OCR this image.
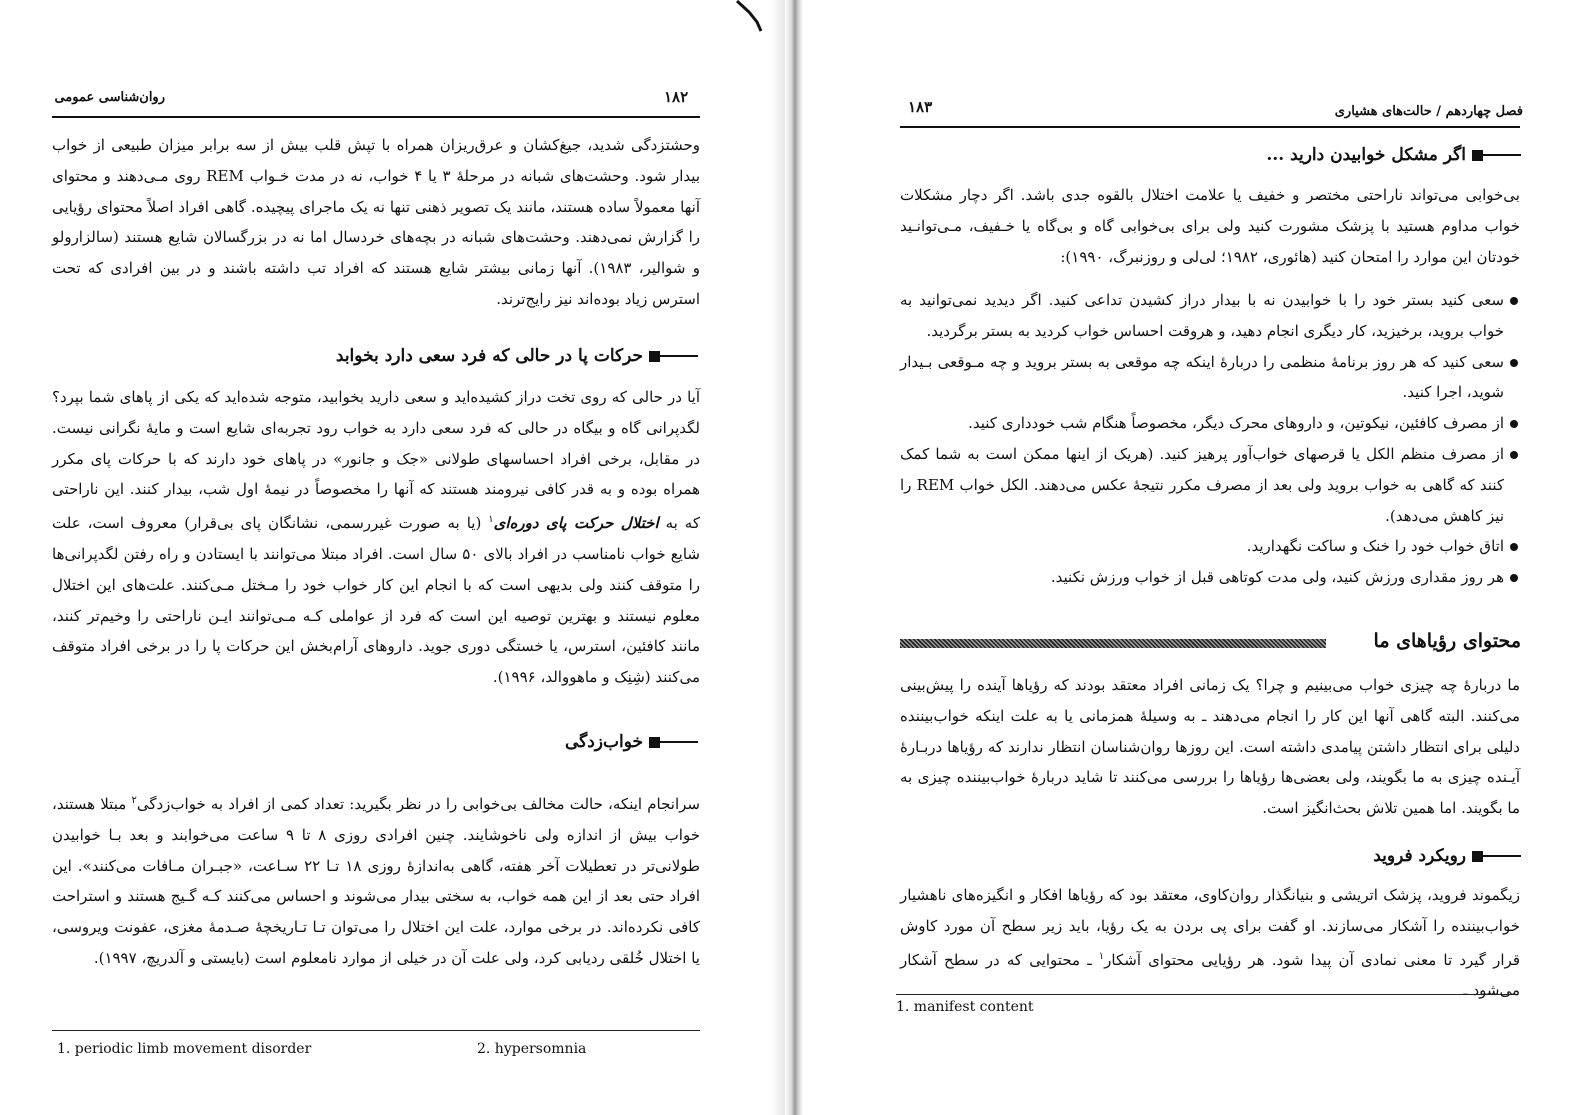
روان‌شناسی عمومی	۱۸۲

وحشتزدگی شدید، جیغ‌کشان و عرق‌ریزان همراه با تپش قلب بیش از سه برابر میزان طبیعی از خواب بیدار شود. وحشت‌های شبانه در مرحلۀ ۳ یا ۴ خواب، نه در مدت خـواب REM روی مـی‌دهند و محتوای آنها معمولاً ساده هستند، مانند یک تصویر ذهنی تنها نه یک ماجرای پیچیده. گاهی افراد اصلاً محتوای رؤیایی را گزارش نمی‌دهند. وحشت‌های شبانه در بچه‌های خردسال اما نه در بزرگسالان شایع هستند (سالزارولو و شوالیر، ۱۹۸۳). آنها زمانی بیشتر شایع هستند که افراد تب داشته باشند و در بین افرادی که تحت استرس زیاد بوده‌اند نیز رایج‌ترند.

حرکات پا در حالی که فرد سعی دارد بخوابد

آیا در حالی که روی تخت دراز کشیده‌اید و سعی دارید بخوابید، متوجه شده‌اید که یکی از پاهای شما بپرد؟ لگدپرانی گاه و بیگاه در حالی که فرد سعی دارد به خواب رود تجربه‌ای شایع است و مایۀ نگرانی نیست. در مقابل، برخی افراد احساسهای طولانی «جک و جانور» در پاهای خود دارند که با حرکات پای مکرر همراه بوده و به قدر کافی نیرومند هستند که آنها را مخصوصاً در نیمۀ اول شب، بیدار کنند. این ناراحتی که به اختلال حرکت پای دوره‌ای$^۱$ (یا به صورت غیررسمی، نشانگان پای بی‌قرار) معروف است، علت شایع خواب نامناسب در افراد بالای ۵۰ سال است. افراد مبتلا می‌توانند با ایستادن و راه رفتن لگدپرانی‌ها را متوقف کنند ولی بدیهی است که با انجام این کار خواب خود را مـختل مـی‌کنند. علت‌های این اختلال معلوم نیستند و بهترین توصیه این است که فرد از عواملی کـه مـی‌توانند ایـن ناراحتی را وخیم‌تر کنند، مانند کافئین، استرس، یا خستگی دوری جوید. داروهای آرام‌بخش این حرکات پا را در برخی افراد متوقف می‌کنند (شِنِک و ماهووالد، ۱۹۹۶).

خواب‌زدگی

سرانجام اینکه، حالت مخالف بی‌خوابی را در نظر بگیرید: تعداد کمی از افراد به خواب‌زدگی$^۲$ مبتلا هستند، خواب بیش از اندازه ولی ناخوشایند. چنین افرادی روزی ۸ تا ۹ ساعت می‌خوابند و بعد بـا خوابیدن طولانی‌تر در تعطیلات آخر هفته، گاهی به‌اندازۀ روزی ۱۸ تـا ۲۲ سـاعت، «جبـران مـافات می‌کنند». این افراد حتی بعد از این همه خواب، به سختی بیدار می‌شوند و احساس می‌کنند کـه گـیج هستند و استراحت کافی نکرده‌اند. در برخی موارد، علت این اختلال را می‌توان تـا تـاریخچۀ صـدمۀ مغزی، عفونت ویروسی، یا اختلال خُلقی ردیابی کرد، ولی علت آن در خیلی از موارد نامعلوم است (بایستی و آلدریچ، ۱۹۹۷).

1. periodic limb movement disorder	2. hypersomnia
فصل چهاردهم / حالت‌های هشیاری
۱۸۳
اگر مشکل خوابیدن دارید ...

بی‌خوابی می‌تواند ناراحتی مختصر و خفیف یا علامت اختلال بالقوه جدی باشد. اگر دچار مشکلات خواب مداوم هستید با پزشک مشورت کنید ولی برای بی‌خوابی گاه و بی‌گاه یا خـفیف، مـی‌توانـید خودتان این موارد را امتحان کنید (هائوری، ۱۹۸۲؛ لی‌لی و روزنبرگ، ۱۹۹۰):

سعی کنید بستر خود را با خوابیدن نه با بیدار دراز کشیدن تداعی کنید. اگر دیدید نمی‌توانید به خواب بروید، برخیزید، کار دیگری انجام دهید، و هروقت احساس خواب کردید به بستر برگردید.
سعی کنید که هر روز برنامۀ منظمی را دربارۀ اینکه چه موقعی به بستر بروید و چه مـوقعی بـیدار شوید، اجرا کنید.
از مصرف کافئین، نیکوتین، و داروهای محرک دیگر، مخصوصاً هنگام شب خودداری کنید.
از مصرف منظم الکل یا قرصهای خواب‌آور پرهیز کنید. (هریک از اینها ممکن است به شما کمک کنند که گاهی به خواب بروید ولی بعد از مصرف مکرر نتیجۀ عکس می‌دهند. الکل خواب REM را نیز کاهش می‌دهد).
اتاق خواب خود را خنک و ساکت نگهدارید.
هر روز مقداری ورزش کنید، ولی مدت کوتاهی قبل از خواب ورزش نکنید.
محتوای رؤیاهای ما

ما دربارۀ چه چیزی خواب می‌بینیم و چرا؟ یک زمانی افراد معتقد بودند که رؤیاها آینده را پیش‌بینی می‌کنند. البته گاهی آنها این کار را انجام می‌دهند ـ به وسیلۀ همزمانی یا به علت اینکه خواب‌بیننده دلیلی برای انتظار داشتن پیامدی داشته است. این روزها روان‌شناسان انتظار ندارند که رؤیاها دربـارۀ آیـنده چیزی به ما بگویند، ولی بعضی‌ها رؤیاها را بررسی می‌کنند تا شاید دربارۀ خواب‌بیننده چیزی به ما بگویند. اما همین تلاش بحث‌انگیز است.

رویکرد فروید

زیگموند فروید، پزشک اتریشی و بنیانگذار روان‌کاوی، معتقد بود که رؤیاها افکار و انگیزه‌های ناهشیار خواب‌بیننده را آشکار می‌سازند. او گفت برای پی بردن به یک رؤیا، باید زیر سطح آن مورد کاوش قرار گیرد تا معنی نمادی آن پیدا شود. هر رؤیایی محتوای آشکار$^۱$ ـ محتوایی که در سطح آشکار می‌شود ـ

1. manifest content
